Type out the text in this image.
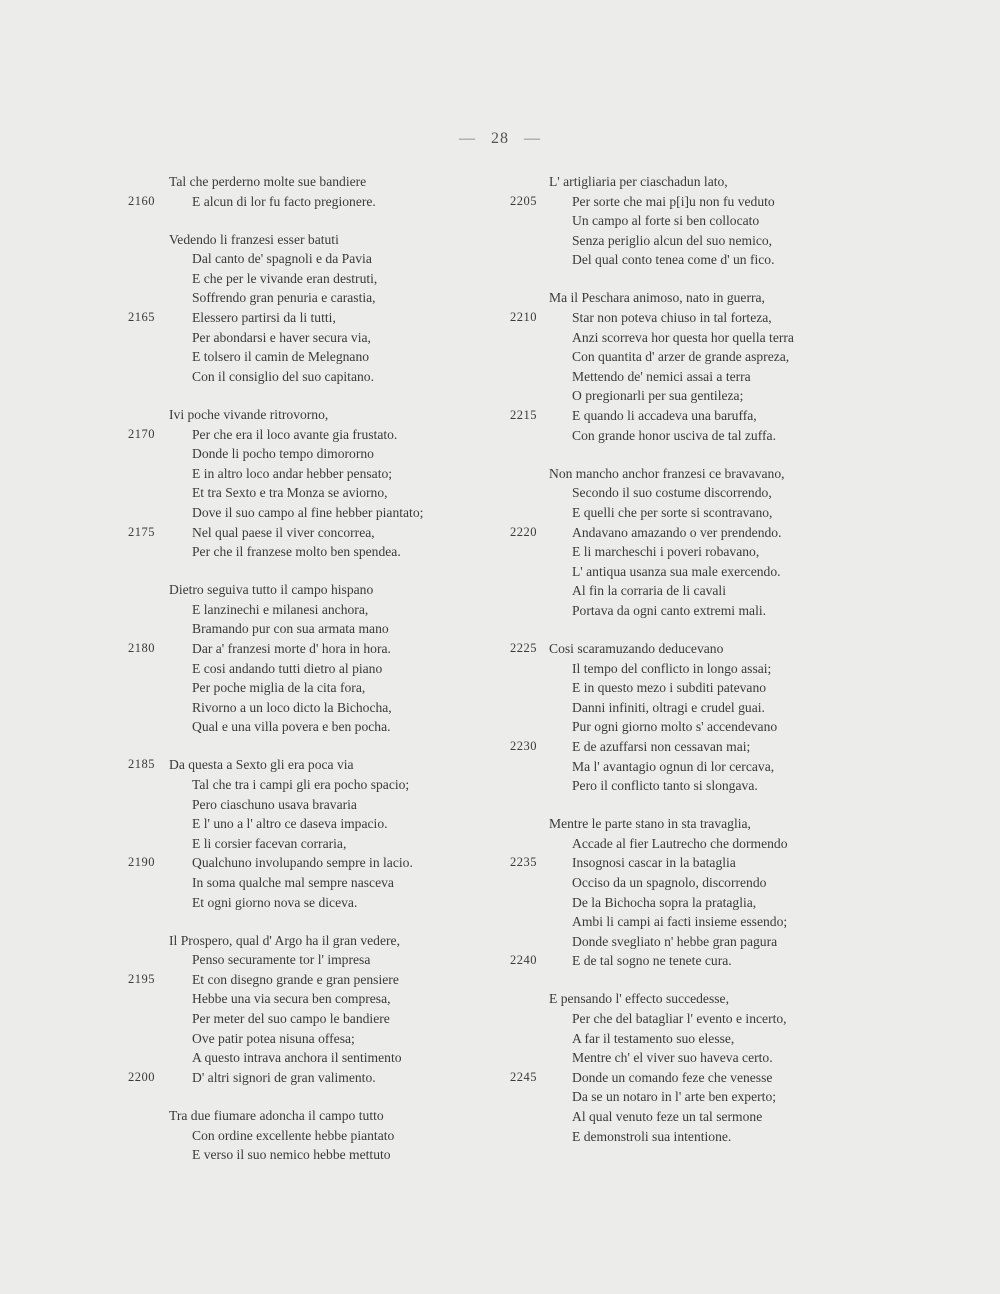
— 28 —
Tal che perderno molte sue bandiere
2160	E alcun di lor fu facto pregionere.
Vedendo li franzesi esser batuti
Dal canto de' spagnoli e da Pavia
E che per le vivande eran destruti,
Soffrendo gran penuria e carastia,
2165	Elessero partirsi da li tutti,
Per abondarsi e haver secura via,
E tolsero il camin de Melegnano
Con il consiglio del suo capitano.
Ivi poche vivande ritrovorno,
2170	Per che era il loco avante gia frustato.
Donde li pocho tempo dimororno
E in altro loco andar hebber pensato;
Et tra Sexto e tra Monza se aviorno,
Dove il suo campo al fine hebber piantato;
2175	Nel qual paese il viver concorrea,
Per che il franzese molto ben spendea.
Dietro seguiva tutto il campo hispano
E lanzinechi e milanesi anchora,
Bramando pur con sua armata mano
2180	Dar a' franzesi morte d' hora in hora.
E cosi andando tutti dietro al piano
Per poche miglia de la cita fora,
Rivorno a un loco dicto la Bichocha,
Qual e una villa povera e ben pocha.
2185 Da questa a Sexto gli era poca via
Tal che tra i campi gli era pocho spacio;
Pero ciaschuno usava bravaria
E l' uno a l' altro ce daseva impacio.
E li corsier facevan corraria,
2190	Qualchuno involupando sempre in lacio.
In soma qualche mal sempre nasceva
Et ogni giorno nova se diceva.
Il Prospero, qual d' Argo ha il gran vedere,
Penso securamente tor l' impresa
2195	Et con disegno grande e gran pensiere
Hebbe una via secura ben compresa,
Per meter del suo campo le bandiere
Ove patir potea nisuna offesa;
A questo intrava anchora il sentimento
2200	D' altri signori de gran valimento.
Tra due fiumare adoncha il campo tutto
Con ordine excellente hebbe piantato
E verso il suo nemico hebbe mettuto
L' artigliaria per ciaschadun lato,
2205	Per sorte che mai p[i]u non fu veduto
Un campo al forte si ben collocato
Senza periglio alcun del suo nemico,
Del qual conto tenea come d' un fico.
Ma il Peschara animoso, nato in guerra,
2210	Star non poteva chiuso in tal forteza,
Anzi scorreva hor questa hor quella terra
Con quantita d' arzer de grande aspreza,
Mettendo de' nemici assai a terra
O pregionarli per sua gentileza;
2215	E quando li accadeva una baruffa,
Con grande honor usciva de tal zuffa.
Non mancho anchor franzesi ce bravavano,
Secondo il suo costume discorrendo,
E quelli che per sorte si scontravano,
2220	Andavano amazando o ver prendendo.
E li marcheschi i poveri robavano,
L' antiqua usanza sua male exercendo.
Al fin la corraria de li cavali
Portava da ogni canto extremi mali.
2225 Cosi scaramuzando deducevano
Il tempo del conflicto in longo assai;
E in questo mezo i subditi patevano
Danni infiniti, oltragi e crudel guai.
Pur ogni giorno molto s' accendevano
2230	E de azuffarsi non cessavan mai;
Ma l' avantagio ognun di lor cercava,
Pero il conflicto tanto si slongava.
Mentre le parte stano in sta travaglia,
Accade al fier Lautrecho che dormendo
2235	Insognosi cascar in la bataglia
Occiso da un spagnolo, discorrendo
De la Bichocha sopra la prataglia,
Ambi li campi ai facti insieme essendo;
Donde svegliato n' hebbe gran pagura
2240	E de tal sogno ne tenete cura.
E pensando l' effecto succedesse,
Per che del batagliar l' evento e incerto,
A far il testamento suo elesse,
Mentre ch' el viver suo haveva certo.
2245	Donde un comando feze che venesse
Da se un notaro in l' arte ben experto;
Al qual venuto feze un tal sermone
E demonstroli sua intentione.
